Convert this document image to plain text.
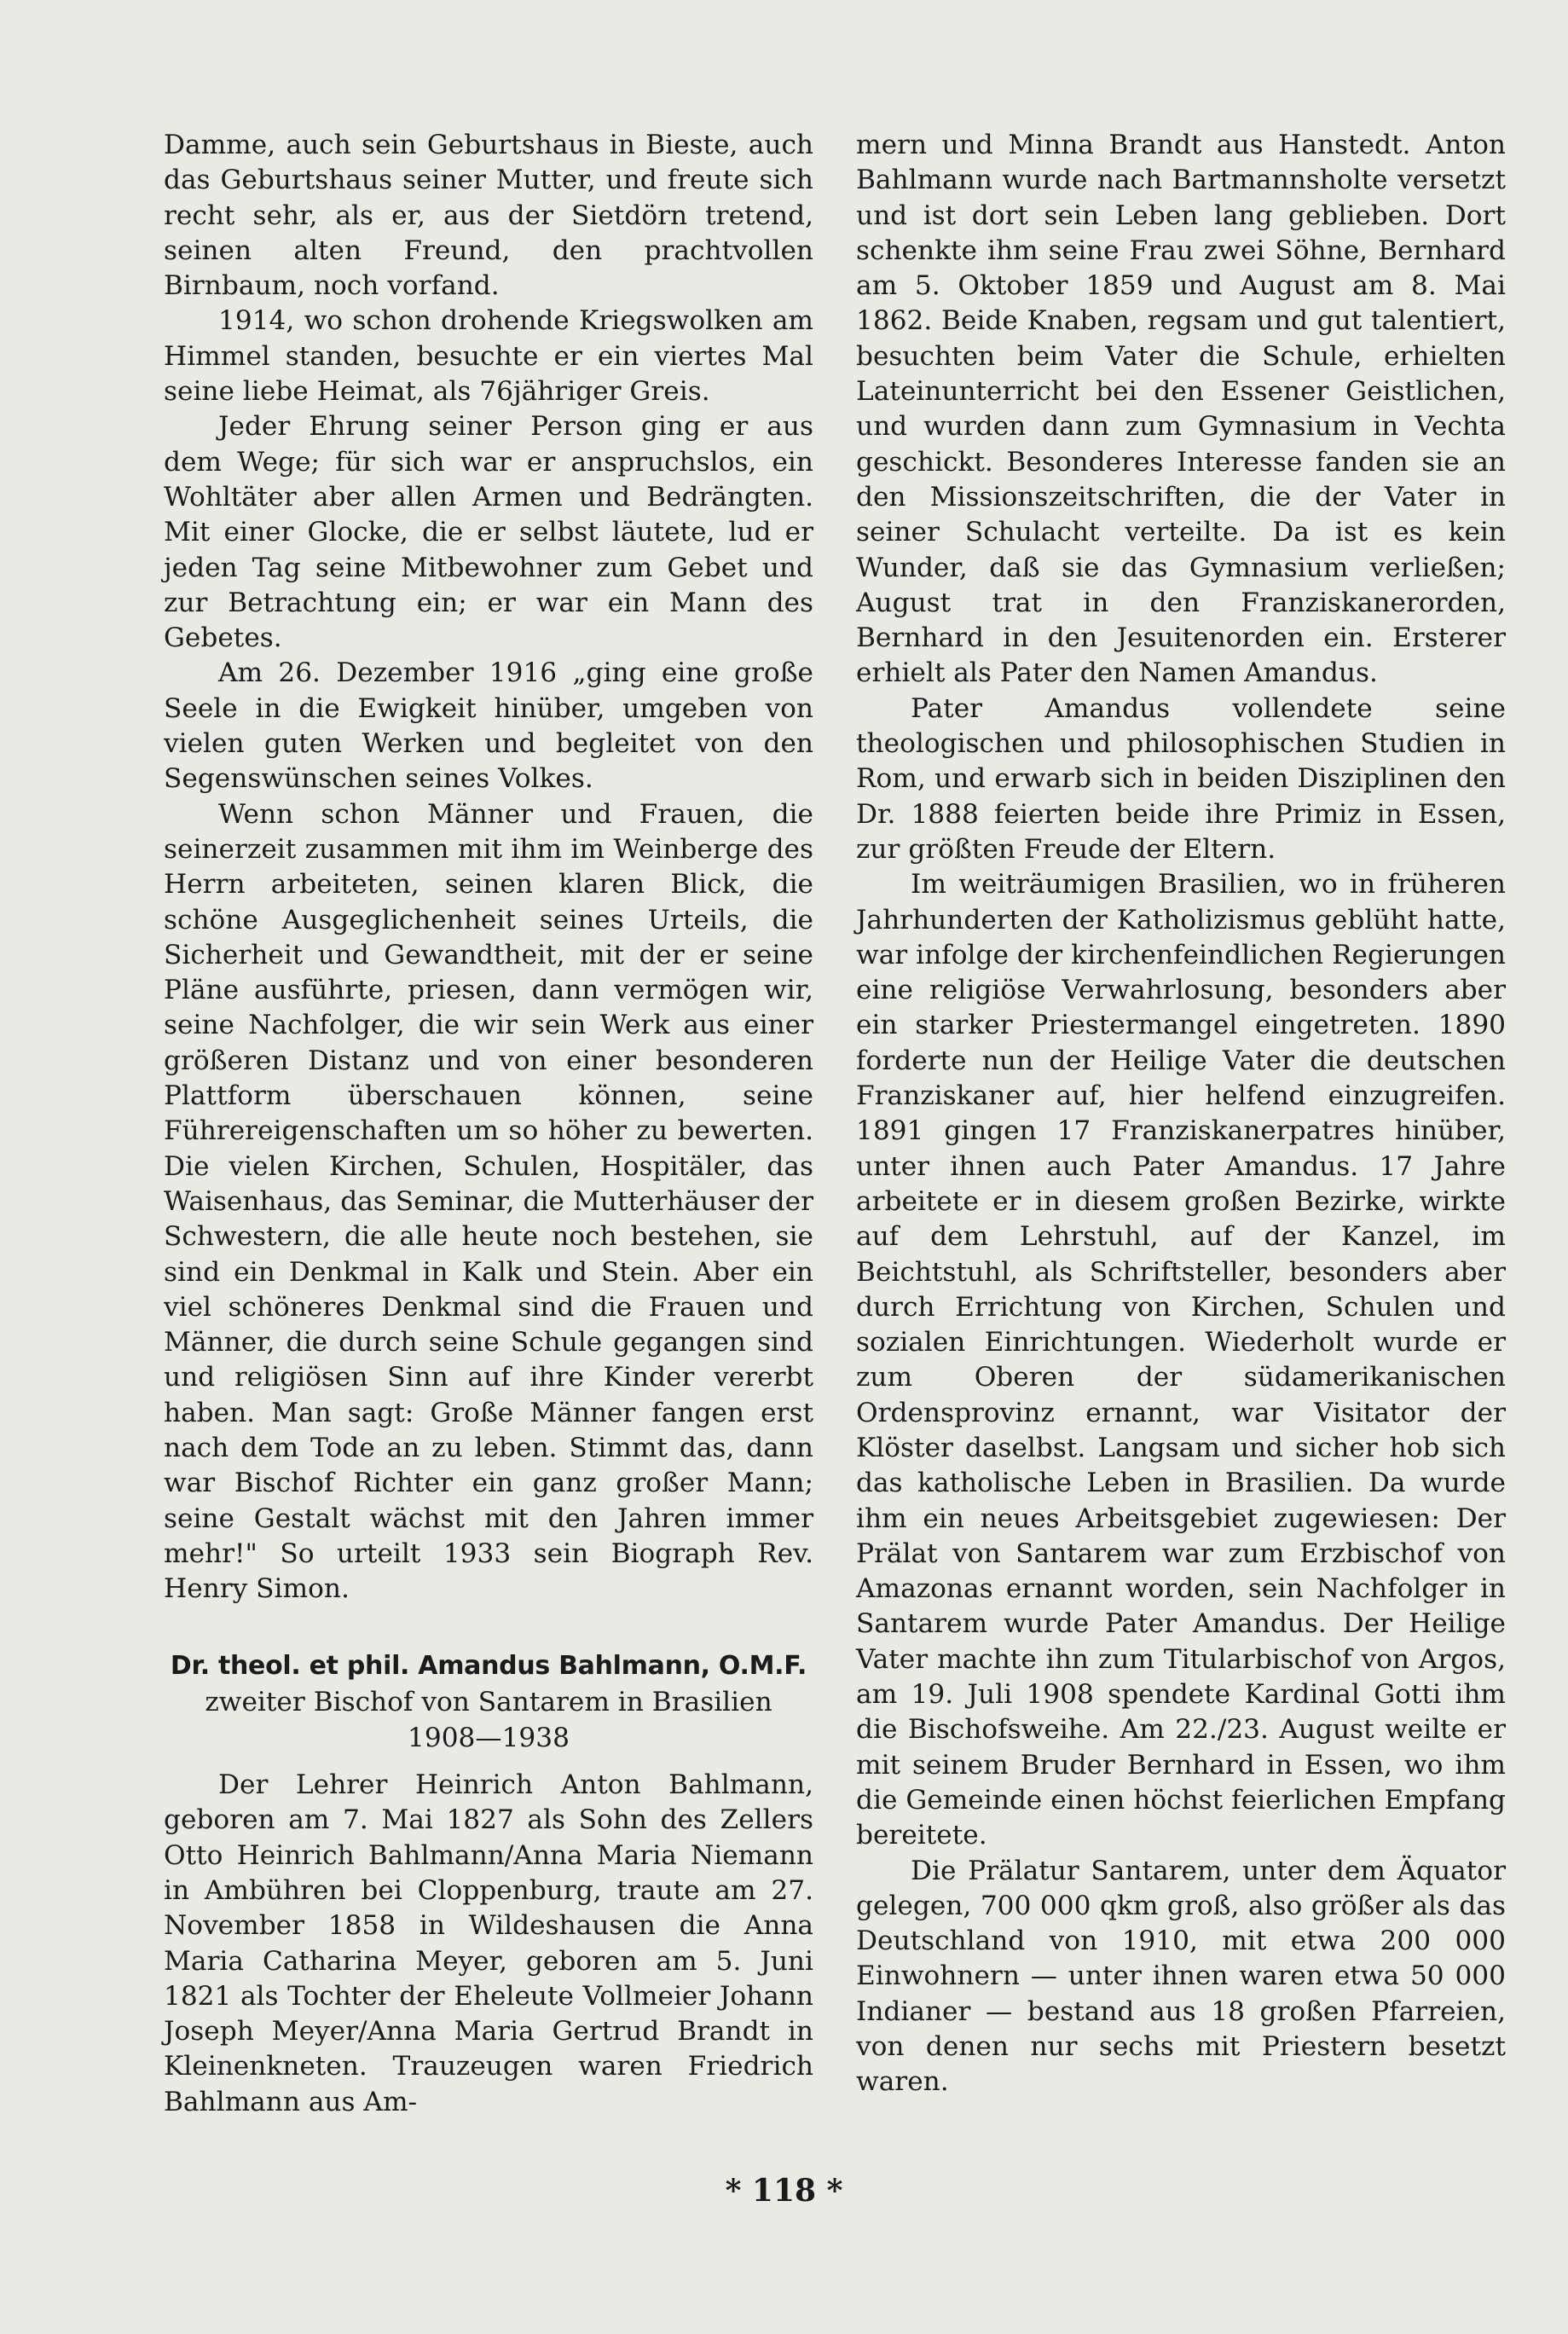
Damme, auch sein Geburtshaus in Bieste, auch das Geburtshaus seiner Mutter, und freute sich recht sehr, als er, aus der Sietdörn tretend, seinen alten Freund, den prachtvollen Birnbaum, noch vorfand.

1914, wo schon drohende Kriegswolken am Himmel standen, besuchte er ein viertes Mal seine liebe Heimat, als 76jähriger Greis.

Jeder Ehrung seiner Person ging er aus dem Wege; für sich war er anspruchslos, ein Wohltäter aber allen Armen und Bedrängten. Mit einer Glocke, die er selbst läutete, lud er jeden Tag seine Mitbewohner zum Gebet und zur Betrachtung ein; er war ein Mann des Gebetes.

Am 26. Dezember 1916 „ging eine große Seele in die Ewigkeit hinüber, umgeben von vielen guten Werken und begleitet von den Segenswünschen seines Volkes.

Wenn schon Männer und Frauen, die seinerzeit zusammen mit ihm im Weinberge des Herrn arbeiteten, seinen klaren Blick, die schöne Ausgeglichenheit seines Urteils, die Sicherheit und Gewandtheit, mit der er seine Pläne ausführte, priesen, dann vermögen wir, seine Nachfolger, die wir sein Werk aus einer größeren Distanz und von einer besonderen Plattform überschauen können, seine Führereigenschaften um so höher zu bewerten. Die vielen Kirchen, Schulen, Hospitäler, das Waisenhaus, das Seminar, die Mutterhäuser der Schwestern, die alle heute noch bestehen, sie sind ein Denkmal in Kalk und Stein. Aber ein viel schöneres Denkmal sind die Frauen und Männer, die durch seine Schule gegangen sind und religiösen Sinn auf ihre Kinder vererbt haben. Man sagt: Große Männer fangen erst nach dem Tode an zu leben. Stimmt das, dann war Bischof Richter ein ganz großer Mann; seine Gestalt wächst mit den Jahren immer mehr!" So urteilt 1933 sein Biograph Rev. Henry Simon.

Dr. theol. et phil. Amandus Bahlmann, O.M.F.
zweiter Bischof von Santarem in Brasilien
1908—1938

Der Lehrer Heinrich Anton Bahlmann, geboren am 7. Mai 1827 als Sohn des Zellers Otto Heinrich Bahlmann/Anna Maria Niemann in Ambühren bei Cloppenburg, traute am 27. November 1858 in Wildeshausen die Anna Maria Catharina Meyer, geboren am 5. Juni 1821 als Tochter der Eheleute Vollmeier Johann Joseph Meyer/Anna Maria Gertrud Brandt in Kleinenkneten. Trauzeugen waren Friedrich Bahlmann aus Am-

mern und Minna Brandt aus Hanstedt. Anton Bahlmann wurde nach Bartmannsholte versetzt und ist dort sein Leben lang geblieben. Dort schenkte ihm seine Frau zwei Söhne, Bernhard am 5. Oktober 1859 und August am 8. Mai 1862. Beide Knaben, regsam und gut talentiert, besuchten beim Vater die Schule, erhielten Lateinunterricht bei den Essener Geistlichen, und wurden dann zum Gymnasium in Vechta geschickt. Besonderes Interesse fanden sie an den Missionszeitschriften, die der Vater in seiner Schulacht verteilte. Da ist es kein Wunder, daß sie das Gymnasium verließen; August trat in den Franziskanerorden, Bernhard in den Jesuitenorden ein. Ersterer erhielt als Pater den Namen Amandus.

Pater Amandus vollendete seine theologischen und philosophischen Studien in Rom, und erwarb sich in beiden Disziplinen den Dr. 1888 feierten beide ihre Primiz in Essen, zur größten Freude der Eltern.

Im weiträumigen Brasilien, wo in früheren Jahrhunderten der Katholizismus geblüht hatte, war infolge der kirchenfeindlichen Regierungen eine religiöse Verwahrlosung, besonders aber ein starker Priestermangel eingetreten. 1890 forderte nun der Heilige Vater die deutschen Franziskaner auf, hier helfend einzugreifen. 1891 gingen 17 Franziskanerpatres hinüber, unter ihnen auch Pater Amandus. 17 Jahre arbeitete er in diesem großen Bezirke, wirkte auf dem Lehrstuhl, auf der Kanzel, im Beichtstuhl, als Schriftsteller, besonders aber durch Errichtung von Kirchen, Schulen und sozialen Einrichtungen. Wiederholt wurde er zum Oberen der südamerikanischen Ordensprovinz ernannt, war Visitator der Klöster daselbst. Langsam und sicher hob sich das katholische Leben in Brasilien. Da wurde ihm ein neues Arbeitsgebiet zugewiesen: Der Prälat von Santarem war zum Erzbischof von Amazonas ernannt worden, sein Nachfolger in Santarem wurde Pater Amandus. Der Heilige Vater machte ihn zum Titularbischof von Argos, am 19. Juli 1908 spendete Kardinal Gotti ihm die Bischofsweihe. Am 22./23. August weilte er mit seinem Bruder Bernhard in Essen, wo ihm die Gemeinde einen höchst feierlichen Empfang bereitete.

Die Prälatur Santarem, unter dem Äquator gelegen, 700 000 qkm groß, also größer als das Deutschland von 1910, mit etwa 200 000 Einwohnern — unter ihnen waren etwa 50 000 Indianer — bestand aus 18 großen Pfarreien, von denen nur sechs mit Priestern besetzt waren.

* 118 *
